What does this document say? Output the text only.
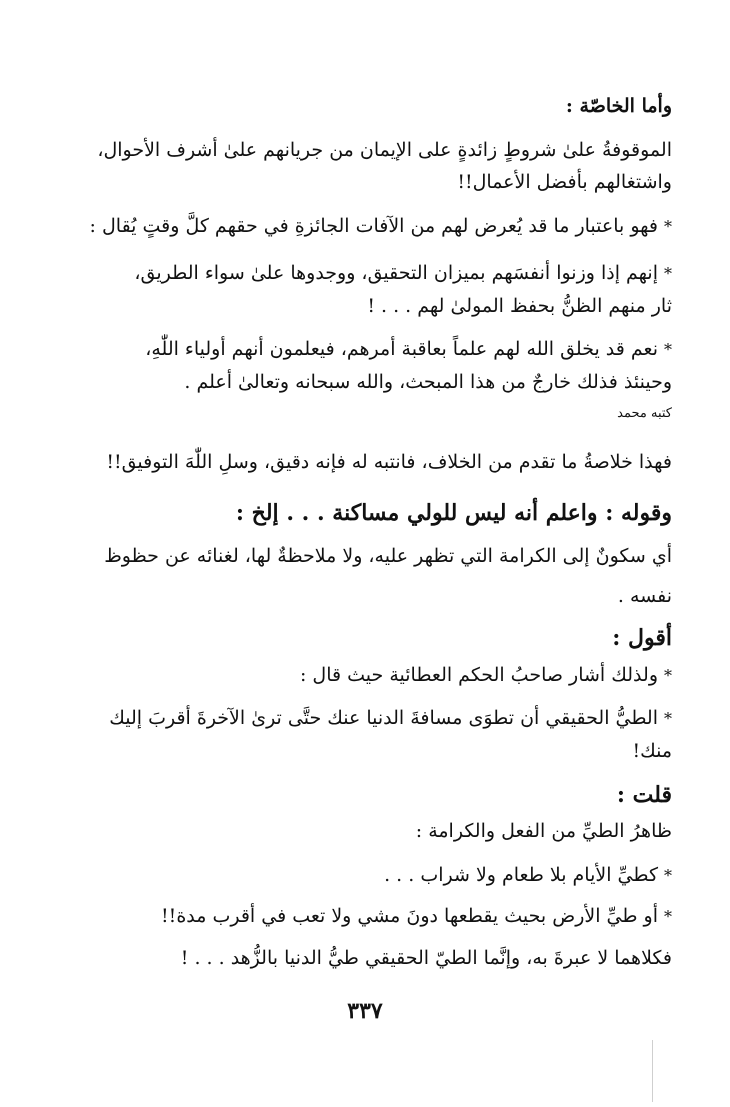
وأما الخاصّة :
الموقوفةُ علىٰ شروطٍ زائدةٍ على الإيمان من جريانهم علىٰ أشرف الأحوال،
واشتغالهم بأفضل الأعمال!!
*فهو باعتبار ما قد يُعرض لهم من الآفات الجائزةِ في حقهم كلَّ وقتٍ يُقال :
*إنهم إذا وزنوا أنفسَهم بميزان التحقيق، ووجدوها علىٰ سواء الطريق،
ثار منهم الظنُّ بحفظ المولىٰ لهم . . . !
*نعم قد يخلق الله لهم علماً بعاقبة أمرهم، فيعلمون أنهم أولياء اللّٰهِ،
وحينئذ فذلك خارجٌ من هذا المبحث، والله سبحانه وتعالىٰ أعلم .
كتبه محمد
فهذا خلاصةُ ما تقدم من الخلاف، فانتبه له فإنه دقيق، وسلِ اللّٰهَ التوفيق!!
وقوله : واعلم أنه ليس للولي مساكنة . . . إلخ :
أي سكونٌ إلى الكرامة التي تظهر عليه، ولا ملاحظةٌ لها، لغنائه عن حظوظ
نفسه .
أقول :
*ولذلك أشار صاحبُ الحكم العطائية حيث قال :
*الطيُّ الحقيقي أن تطوَى مسافةَ الدنيا عنك حتَّى ترىٰ الآخرةَ أقربَ إليك
منك!
قلت :
ظاهرُ الطيِّ من الفعل والكرامة :
*كطيِّ الأيام بلا طعام ولا شراب . . .
*أو طيِّ الأرض بحيث يقطعها دونَ مشي ولا تعب في أقرب مدة!!
فكلاهما لا عبرةَ به، وإنَّما الطيّ الحقيقي طيُّ الدنيا بالزُّهد . . . !
٣٣٧
